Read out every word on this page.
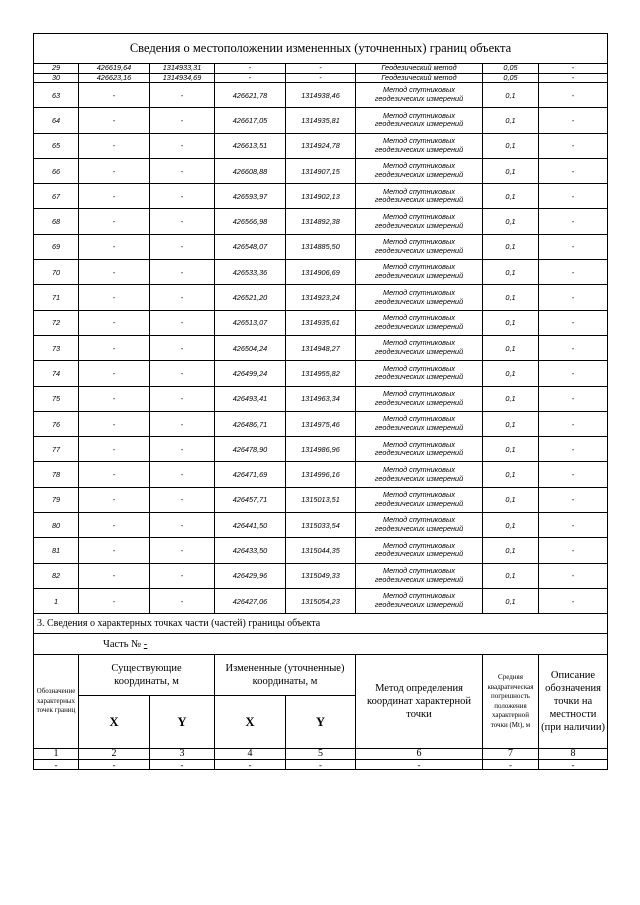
Сведения о местоположении измененных (уточненных) границ объекта							
29	426619,64	1314933,31	-	-	Геодезический метод	0,05	-
30	426623,16	1314934,69	-	-	Геодезический метод	0,05	-
63	-	-	426621,78	1314938,46	Метод спутниковых
геодезических измерений	0,1	-
64	-	-	426617,05	1314935,81	Метод спутниковых
геодезических измерений	0,1	-
65	-	-	426613,51	1314924,78	Метод спутниковых
геодезических измерений	0,1	-
66	-	-	426608,88	1314907,15	Метод спутниковых
геодезических измерений	0,1	-
67	-	-	426593,97	1314902,13	Метод спутниковых
геодезических измерений	0,1	-
68	-	-	426566,98	1314892,38	Метод спутниковых
геодезических измерений	0,1	-
69	-	-	426548,07	1314885,50	Метод спутниковых
геодезических измерений	0,1	-
70	-	-	426533,36	1314906,69	Метод спутниковых
геодезических измерений	0,1	-
71	-	-	426521,20	1314923,24	Метод спутниковых
геодезических измерений	0,1	-
72	-	-	426513,07	1314935,61	Метод спутниковых
геодезических измерений	0,1	-
73	-	-	426504,24	1314948,27	Метод спутниковых
геодезических измерений	0,1	-
74	-	-	426499,24	1314955,82	Метод спутниковых
геодезических измерений	0,1	-
75	-	-	426493,41	1314963,34	Метод спутниковых
геодезических измерений	0,1	-
76	-	-	426486,71	1314975,46	Метод спутниковых
геодезических измерений	0,1	-
77	-	-	426478,90	1314986,96	Метод спутниковых
геодезических измерений	0,1	-
78	-	-	426471,69	1314996,16	Метод спутниковых
геодезических измерений	0,1	-
79	-	-	426457,71	1315013,51	Метод спутниковых
геодезических измерений	0,1	-
80	-	-	426441,50	1315033,54	Метод спутниковых
геодезических измерений	0,1	-
81	-	-	426433,50	1315044,35	Метод спутниковых
геодезических измерений	0,1	-
82	-	-	426429,96	1315049,33	Метод спутниковых
геодезических измерений	0,1	-
1	-	-	426427,06	1315054,23	Метод спутниковых
геодезических измерений	0,1	-
3. Сведения о характерных точках части (частей) границы объекта							
Часть № -							
Обозначение характерных точек границ	Существующие координаты, м		Измененные (уточненные) координаты, м		Метод определения координат характерной точки	Средняя квадратическая погрешность положения характерной точки (Mt), м	Описание обозначения точки на местности (при наличии)
	X	Y	X	Y			
1	2	3	4	5	6	7	8
-	-	-	-	-	-	-	-
